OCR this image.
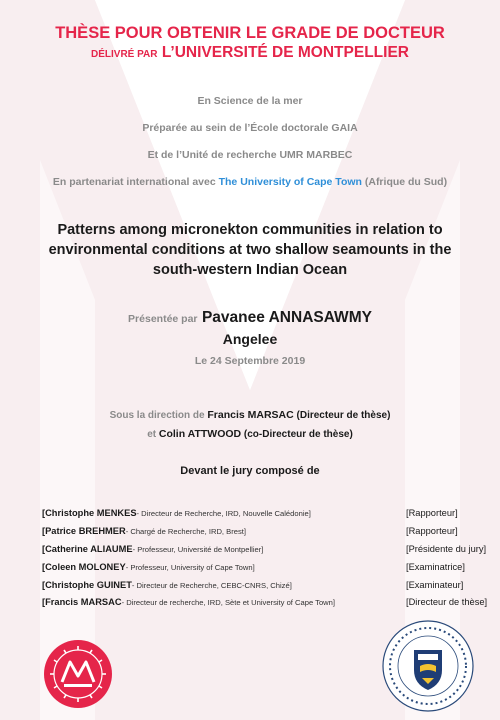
THÈSE POUR OBTENIR LE GRADE DE DOCTEUR
DÉLIVRÉ PAR L’UNIVERSITÉ DE MONTPELLIER
En Science de la mer
Préparée au sein de l’École doctorale GAIA
Et de l’Unité de recherche UMR MARBEC
En partenariat international avec The University of Cape Town (Afrique du Sud)
Patterns among micronekton communities in relation to
environmental conditions at two shallow seamounts in the
south-western Indian Ocean
Présentée par Pavanee ANNASAWMY
Angelee
Le 24 Septembre 2019
Sous la direction de Francis MARSAC (Directeur de thèse)
et Colin ATTWOOD (co-Directeur de thèse)
Devant le jury composé de
[Christophe MENKES- Directeur de Recherche, IRD, Nouvelle Calédonie]	[Rapporteur]
[Patrice BREHMER- Chargé de Recherche, IRD, Brest]	[Rapporteur]
[Catherine ALIAUME- Professeur, Université de Montpellier]	[Présidente du jury]
[Coleen MOLONEY- Professeur, University of Cape Town]	[Examinatrice]
[Christophe GUINET- Directeur de Recherche, CEBC-CNRS, Chizé]	[Examinateur]
[Francis MARSAC- Directeur de recherche, IRD, Sète et University of Cape Town]	[Directeur de thèse]
